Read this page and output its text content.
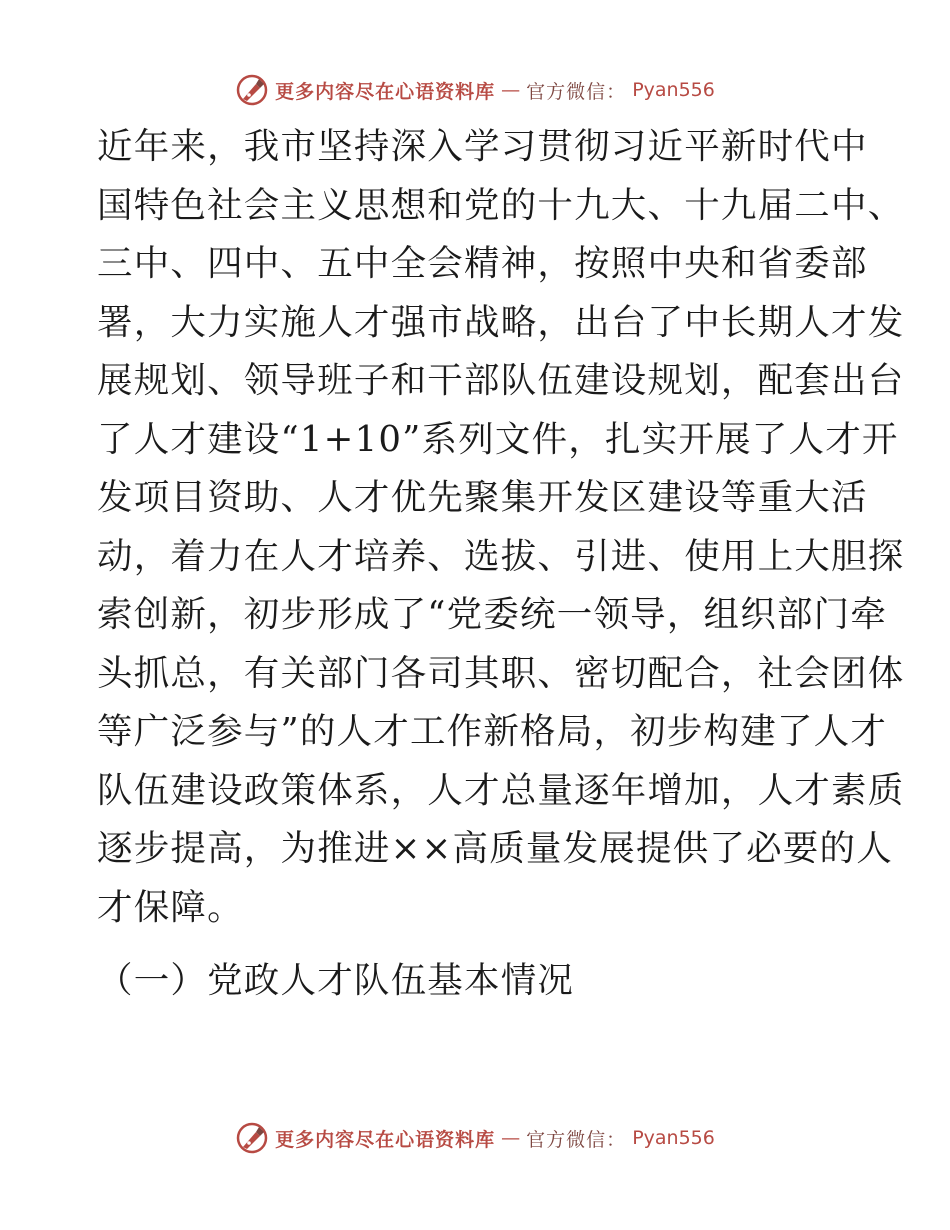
更多内容尽在心语资料库 — 官方微信： Pyan556
近年来，我市坚持深入学习贯彻习近平新时代中
国特色社会主义思想和党的十九大、十九届二中、
三中、四中、五中全会精神，按照中央和省委部
署，大力实施人才强市战略，出台了中长期人才发
展规划、领导班子和干部队伍建设规划，配套出台
了人才建设“1+10”系列文件，扎实开展了人才开
发项目资助、人才优先聚集开发区建设等重大活
动，着力在人才培养、选拔、引进、使用上大胆探
索创新，初步形成了“党委统一领导，组织部门牵
头抓总，有关部门各司其职、密切配合，社会团体
等广泛参与”的人才工作新格局，初步构建了人才
队伍建设政策体系，人才总量逐年增加，人才素质
逐步提高，为推进××高质量发展提供了必要的人
才保障。
（一）党政人才队伍基本情况
更多内容尽在心语资料库 — 官方微信： Pyan556
